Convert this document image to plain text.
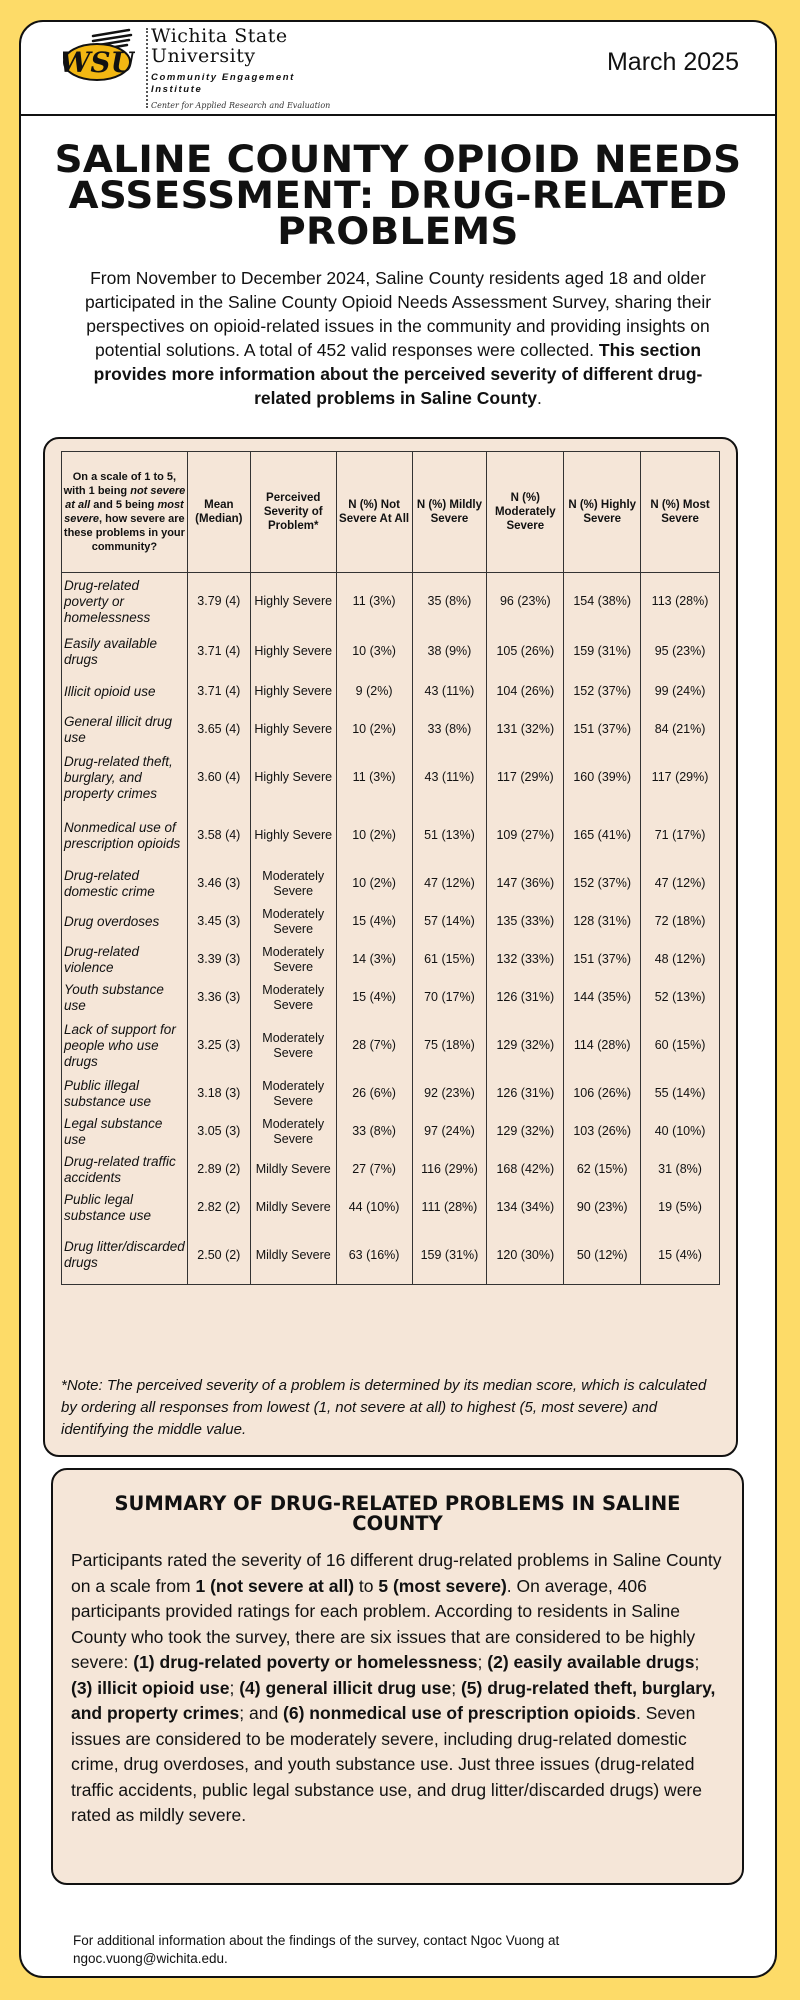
WSU
Wichita State
University
Community Engagement
Institute
Center for Applied Research and Evaluation
March 2025
SALINE COUNTY OPIOID NEEDS ASSESSMENT: DRUG-RELATED PROBLEMS
From November to December 2024, Saline County residents aged 18 and older participated in the Saline County Opioid Needs Assessment Survey, sharing their perspectives on opioid-related issues in the community and providing insights on potential solutions. A total of 452 valid responses were collected. This section provides more information about the perceived severity of different drug-related problems in Saline County.
On a scale of 1 to 5, with 1 being not severe at all and 5 being most severe, how severe are these problems in your community?	Mean (Median)	Perceived Severity of Problem*	N (%) Not Severe At All	N (%) Mildly Severe	N (%) Moderately Severe	N (%) Highly Severe	N (%) Most Severe
Drug-related poverty or homelessness	3.79 (4)	Highly Severe	11 (3%)	35 (8%)	96 (23%)	154 (38%)	113 (28%)
Easily available drugs	3.71 (4)	Highly Severe	10 (3%)	38 (9%)	105 (26%)	159 (31%)	95 (23%)
Illicit opioid use	3.71 (4)	Highly Severe	9 (2%)	43 (11%)	104 (26%)	152 (37%)	99 (24%)
General illicit drug use	3.65 (4)	Highly Severe	10 (2%)	33 (8%)	131 (32%)	151 (37%)	84 (21%)
Drug-related theft, burglary, and property crimes	3.60 (4)	Highly Severe	11 (3%)	43 (11%)	117 (29%)	160 (39%)	117 (29%)
Nonmedical use of prescription opioids	3.58 (4)	Highly Severe	10 (2%)	51 (13%)	109 (27%)	165 (41%)	71 (17%)
Drug-related domestic crime	3.46 (3)	Moderately Severe	10 (2%)	47 (12%)	147 (36%)	152 (37%)	47 (12%)
Drug overdoses	3.45 (3)	Moderately Severe	15 (4%)	57 (14%)	135 (33%)	128 (31%)	72 (18%)
Drug-related violence	3.39 (3)	Moderately Severe	14 (3%)	61 (15%)	132 (33%)	151 (37%)	48 (12%)
Youth substance use	3.36 (3)	Moderately Severe	15 (4%)	70 (17%)	126 (31%)	144 (35%)	52 (13%)
Lack of support for people who use drugs	3.25 (3)	Moderately Severe	28 (7%)	75 (18%)	129 (32%)	114 (28%)	60 (15%)
Public illegal substance use	3.18 (3)	Moderately Severe	26 (6%)	92 (23%)	126 (31%)	106 (26%)	55 (14%)
Legal substance use	3.05 (3)	Moderately Severe	33 (8%)	97 (24%)	129 (32%)	103 (26%)	40 (10%)
Drug-related traffic accidents	2.89 (2)	Mildly Severe	27 (7%)	116 (29%)	168 (42%)	62 (15%)	31 (8%)
Public legal substance use	2.82 (2)	Mildly Severe	44 (10%)	111 (28%)	134 (34%)	90 (23%)	19 (5%)
Drug litter/discarded drugs	2.50 (2)	Mildly Severe	63 (16%)	159 (31%)	120 (30%)	50 (12%)	15 (4%)
*Note: The perceived severity of a problem is determined by its median score, which is calculated by ordering all responses from lowest (1, not severe at all) to highest (5, most severe) and identifying the middle value.
SUMMARY OF DRUG-RELATED PROBLEMS IN SALINE COUNTY

Participants rated the severity of 16 different drug-related problems in Saline County on a scale from 1 (not severe at all) to 5 (most severe). On average, 406 participants provided ratings for each problem. According to residents in Saline County who took the survey, there are six issues that are considered to be highly severe: (1) drug-related poverty or homelessness; (2) easily available drugs; (3) illicit opioid use; (4) general illicit drug use; (5) drug-related theft, burglary, and property crimes; and (6) nonmedical use of prescription opioids. Seven issues are considered to be moderately severe, including drug-related domestic crime, drug overdoses, and youth substance use. Just three issues (drug-related traffic accidents, public legal substance use, and drug litter/discarded drugs) were rated as mildly severe.

For additional information about the findings of the survey, contact Ngoc Vuong at ngoc.vuong@wichita.edu.
